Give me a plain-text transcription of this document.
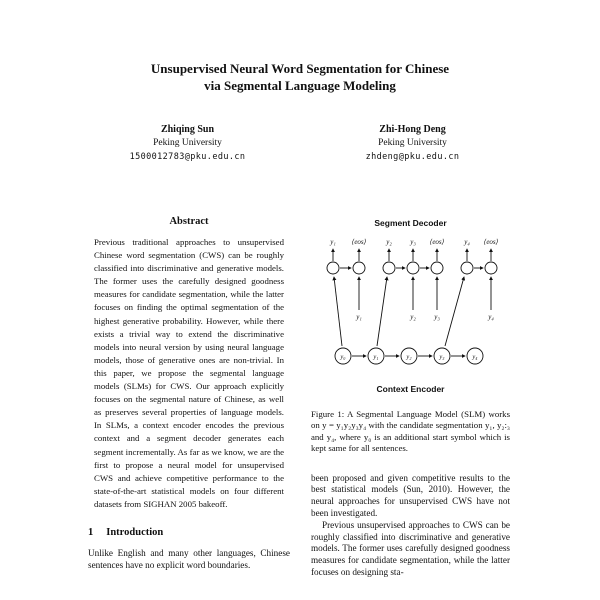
Unsupervised Neural Word Segmentation for Chinese
via Segmental Language Modeling
Zhiqing Sun
Peking University
1500012783@pku.edu.cn
Zhi-Hong Deng
Peking University
zhdeng@pku.edu.cn
Abstract
Previous traditional approaches to unsupervised Chinese word segmentation (CWS) can be roughly classified into discriminative and generative models. The former uses the carefully designed goodness measures for candidate segmentation, while the latter focuses on finding the optimal segmentation of the highest generative probability. However, while there exists a trivial way to extend the discriminative models into neural version by using neural language models, those of generative ones are non-trivial. In this paper, we propose the segmental language models (SLMs) for CWS. Our approach explicitly focuses on the segmental nature of Chinese, as well as preserves several properties of language models. In SLMs, a context encoder encodes the previous context and a segment decoder generates each segment incrementally. As far as we know, we are the first to propose a neural model for unsupervised CWS and achieve competitive performance to the state-of-the-art statistical models on four different datasets from SIGHAN 2005 bakeoff.
1 Introduction
Unlike English and many other languages, Chinese sentences have no explicit word boundaries.
Segment Decoder
y₁ ⟨eos⟩	y₂	y₃ ⟨eos⟩	y₄ ⟨eos⟩
y₁	y₂	y₃	y₄
y₀	y₁	y₂	y₃	y₄
Context Encoder
Figure 1: A Segmental Language Model (SLM) works on y = y₁y₂y₃y₄ with the candidate segmentation y₁, y₂:₃ and y₄, where y₀ is an additional start symbol which is kept same for all sentences.
been proposed and given competitive results to the best statistical models (Sun, 2010). However, the neural approaches for unsupervised CWS have not been investigated.
Previous unsupervised approaches to CWS can be roughly classified into discriminative and generative models. The former uses carefully designed goodness measures for candidate segmentation, while the latter focuses on designing sta-
